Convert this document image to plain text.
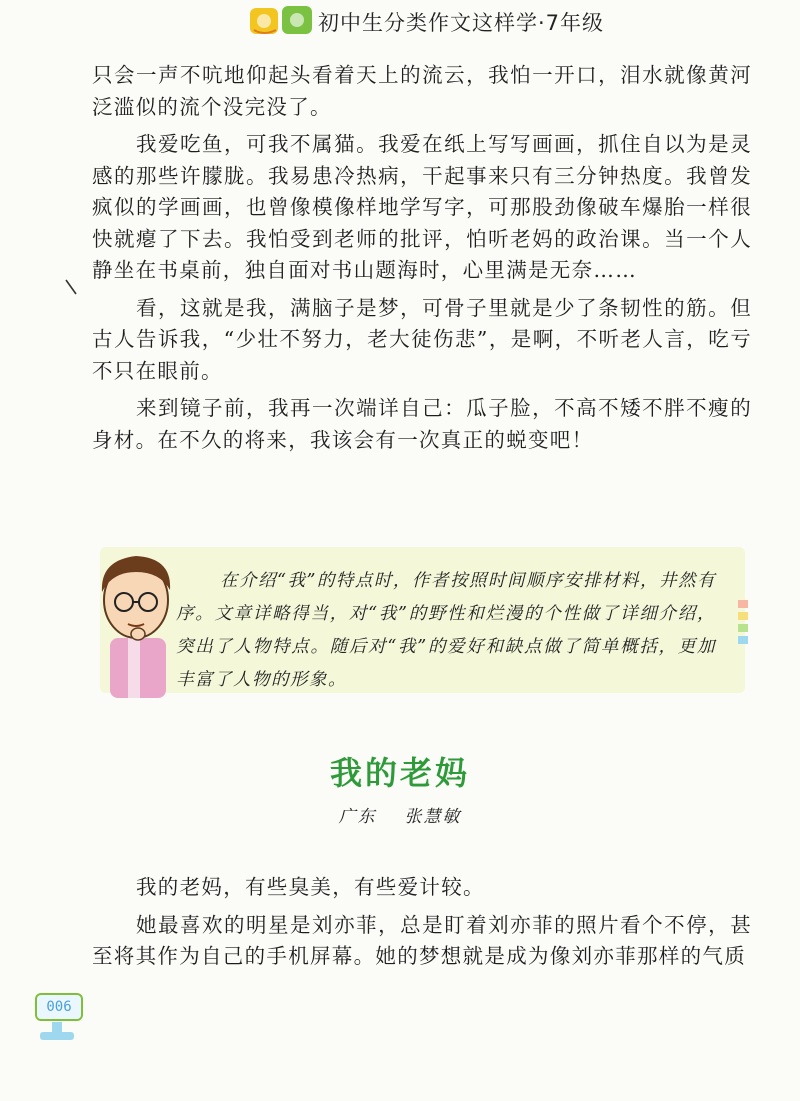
初中生分类作文这样学·7年级

只会一声不吭地仰起头看着天上的流云，我怕一开口，泪水就像黄河泛滥似的流个没完没了。

我爱吃鱼，可我不属猫。我爱在纸上写写画画，抓住自以为是灵感的那些许朦胧。我易患冷热病，干起事来只有三分钟热度。我曾发疯似的学画画，也曾像模像样地学写字，可那股劲像破车爆胎一样很快就瘪了下去。我怕受到老师的批评，怕听老妈的政治课。当一个人静坐在书桌前，独自面对书山题海时，心里满是无奈……

看，这就是我，满脑子是梦，可骨子里就是少了条韧性的筋。但古人告诉我，“少壮不努力，老大徒伤悲”，是啊，不听老人言，吃亏不只在眼前。

来到镜子前，我再一次端详自己：瓜子脸，不高不矮不胖不瘦的身材。在不久的将来，我该会有一次真正的蜕变吧！

在介绍“我”的特点时，作者按照时间顺序安排材料，井然有序。文章详略得当，对“我”的野性和烂漫的个性做了详细介绍，突出了人物特点。随后对“我”的爱好和缺点做了简单概括，更加丰富了人物的形象。

我的老妈
广东 张慧敏

我的老妈，有些臭美，有些爱计较。

她最喜欢的明星是刘亦菲，总是盯着刘亦菲的照片看个不停，甚至将其作为自己的手机屏幕。她的梦想就是成为像刘亦菲那样的气质

006
